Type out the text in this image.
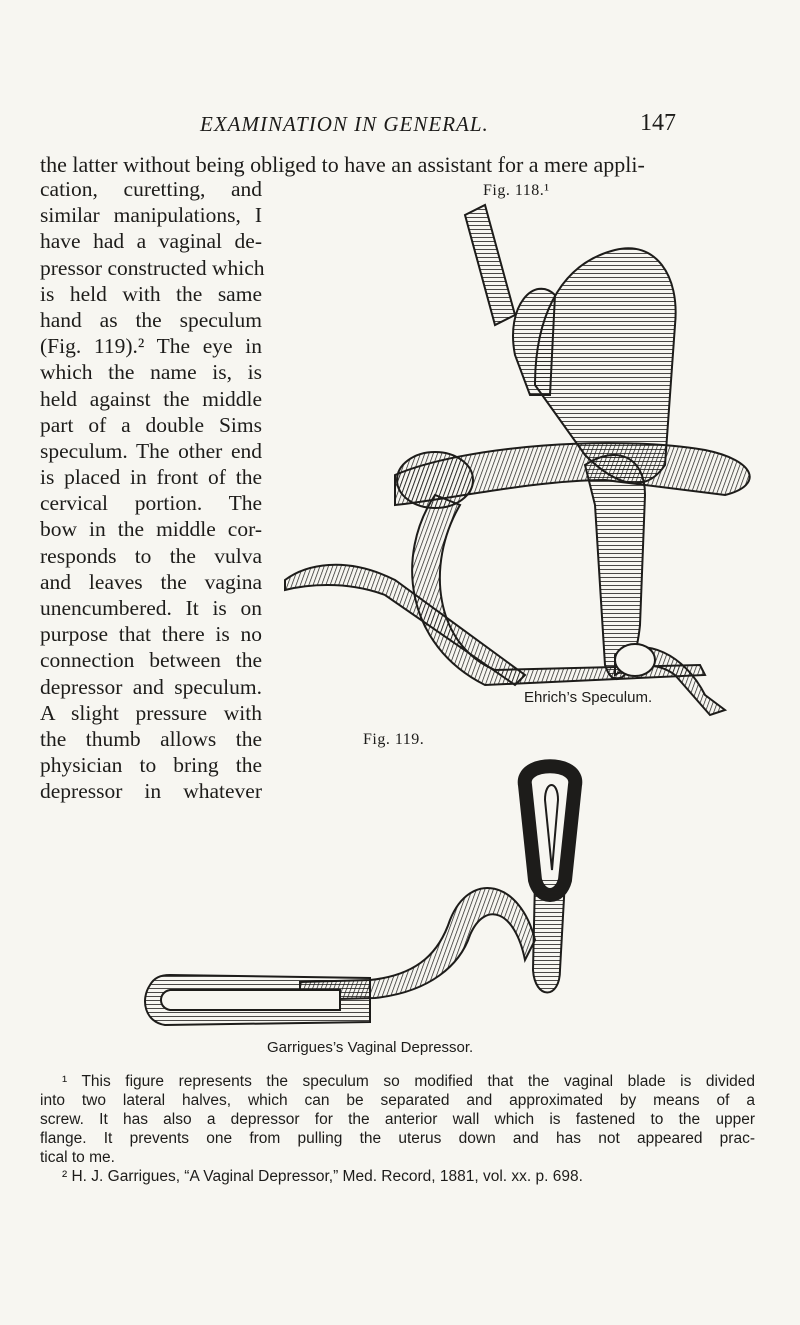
EXAMINATION IN GENERAL.	147
the latter without being obliged to have an assistant for a mere appli-
cation, curetting, and
similar manipulations, I
have had a vaginal de-
pressor constructed which
is held with the same
hand as the speculum
(Fig. 119).² The eye in
which the name is, is
held against the middle
part of a double Sims
speculum. The other end
is placed in front of the
cervical portion. The
bow in the middle cor-
responds to the vulva
and leaves the vagina
unencumbered. It is on
purpose that there is no
connection between the
depressor and speculum.
A slight pressure with
the thumb allows the
physician to bring the
depressor in whatever
Fig. 118.¹
Ehrich’s Speculum.
Fig. 119.
Garrigues’s Vaginal Depressor.
¹ This figure represents the speculum so modified that the vaginal blade is divided
into two lateral halves, which can be separated and approximated by means of a
screw. It has also a depressor for the anterior wall which is fastened to the upper
flange. It prevents one from pulling the uterus down and has not appeared prac-
tical to me.
² H. J. Garrigues, “A Vaginal Depressor,” Med. Record, 1881, vol. xx. p. 698.
